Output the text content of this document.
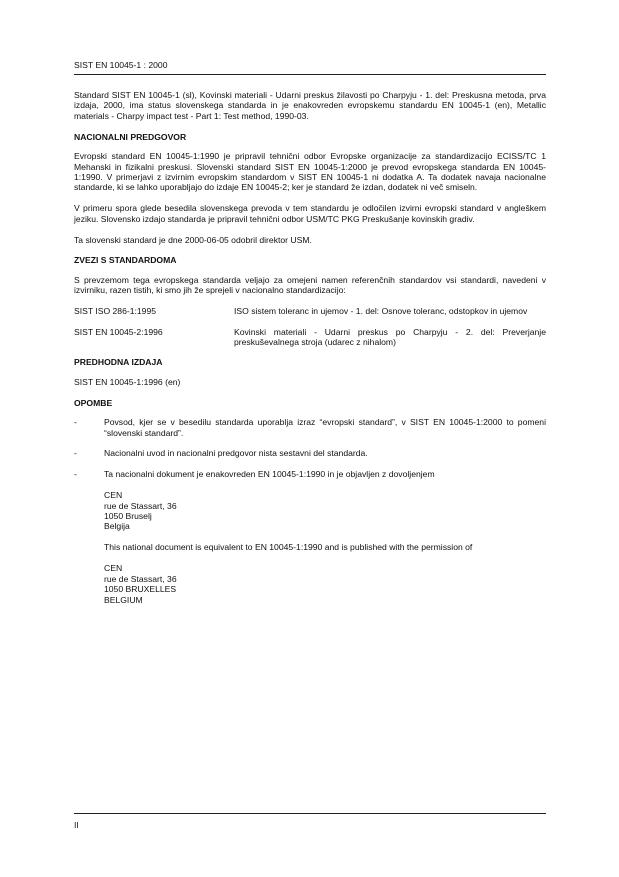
SIST EN 10045-1 : 2000

Standard SIST EN 10045-1 (sl), Kovinski materiali - Udarni preskus žilavosti po Charpyju - 1. del: Preskusna metoda, prva izdaja, 2000, ima status slovenskega standarda in je enakovreden evropskemu standardu EN 10045-1 (en), Metallic materials - Charpy impact test - Part 1: Test method, 1990-03.

NACIONALNI PREDGOVOR

Evropski standard EN 10045-1:1990 je pripravil tehnični odbor Evropske organizacije za standardizacijo ECISS/TC 1 Mehanski in fizikalni preskusi. Slovenski standard SIST EN 10045-1:2000 je prevod evropskega standarda EN 10045-1:1990. V primerjavi z izvirnim evropskim standardom v SIST EN 10045-1 ni dodatka A. Ta dodatek navaja nacionalne standarde, ki se lahko uporabljajo do izdaje EN 10045-2; ker je standard že izdan, dodatek ni več smiseln.

V primeru spora glede besedila slovenskega prevoda v tem standardu je odločilen izvirni evropski standard v angleškem jeziku. Slovensko izdajo standarda je pripravil tehnični odbor USM/TC PKG Preskušanje kovinskih gradiv.

Ta slovenski standard je dne 2000-06-05 odobril direktor USM.

ZVEZI S STANDARDOMA

S prevzemom tega evropskega standarda veljajo za omejeni namen referenčnih standardov vsi standardi, navedeni v izvirniku, razen tistih, ki smo jih že sprejeli v nacionalno standardizacijo:

SIST ISO 286-1:1995	ISO sistem toleranc in ujemov - 1. del: Osnove toleranc, odstopkov in ujemov
SIST EN 10045-2:1996	Kovinski materiali - Udarni preskus po Charpyju - 2. del: Preverjanje preskuševalnega stroja (udarec z nihalom)
PREDHODNA IZDAJA

SIST EN 10045-1:1996 (en)

OPOMBE
-	Povsod, kjer se v besedilu standarda uporablja izraz “evropski standard”, v SIST EN 10045-1:2000 to pomeni “slovenski standard”.
-	Nacionalni uvod in nacionalni predgovor nista sestavni del standarda.
-	Ta nacionalni dokument je enakovreden EN 10045-1:1990 in je objavljen z dovoljenjem

CEN
rue de Stassart, 36
1050 Bruselj
Belgija

This national document is equivalent to EN 10045-1:1990 and is published with the permission of

CEN
rue de Stassart, 36
1050 BRUXELLES
BELGIUM
II
